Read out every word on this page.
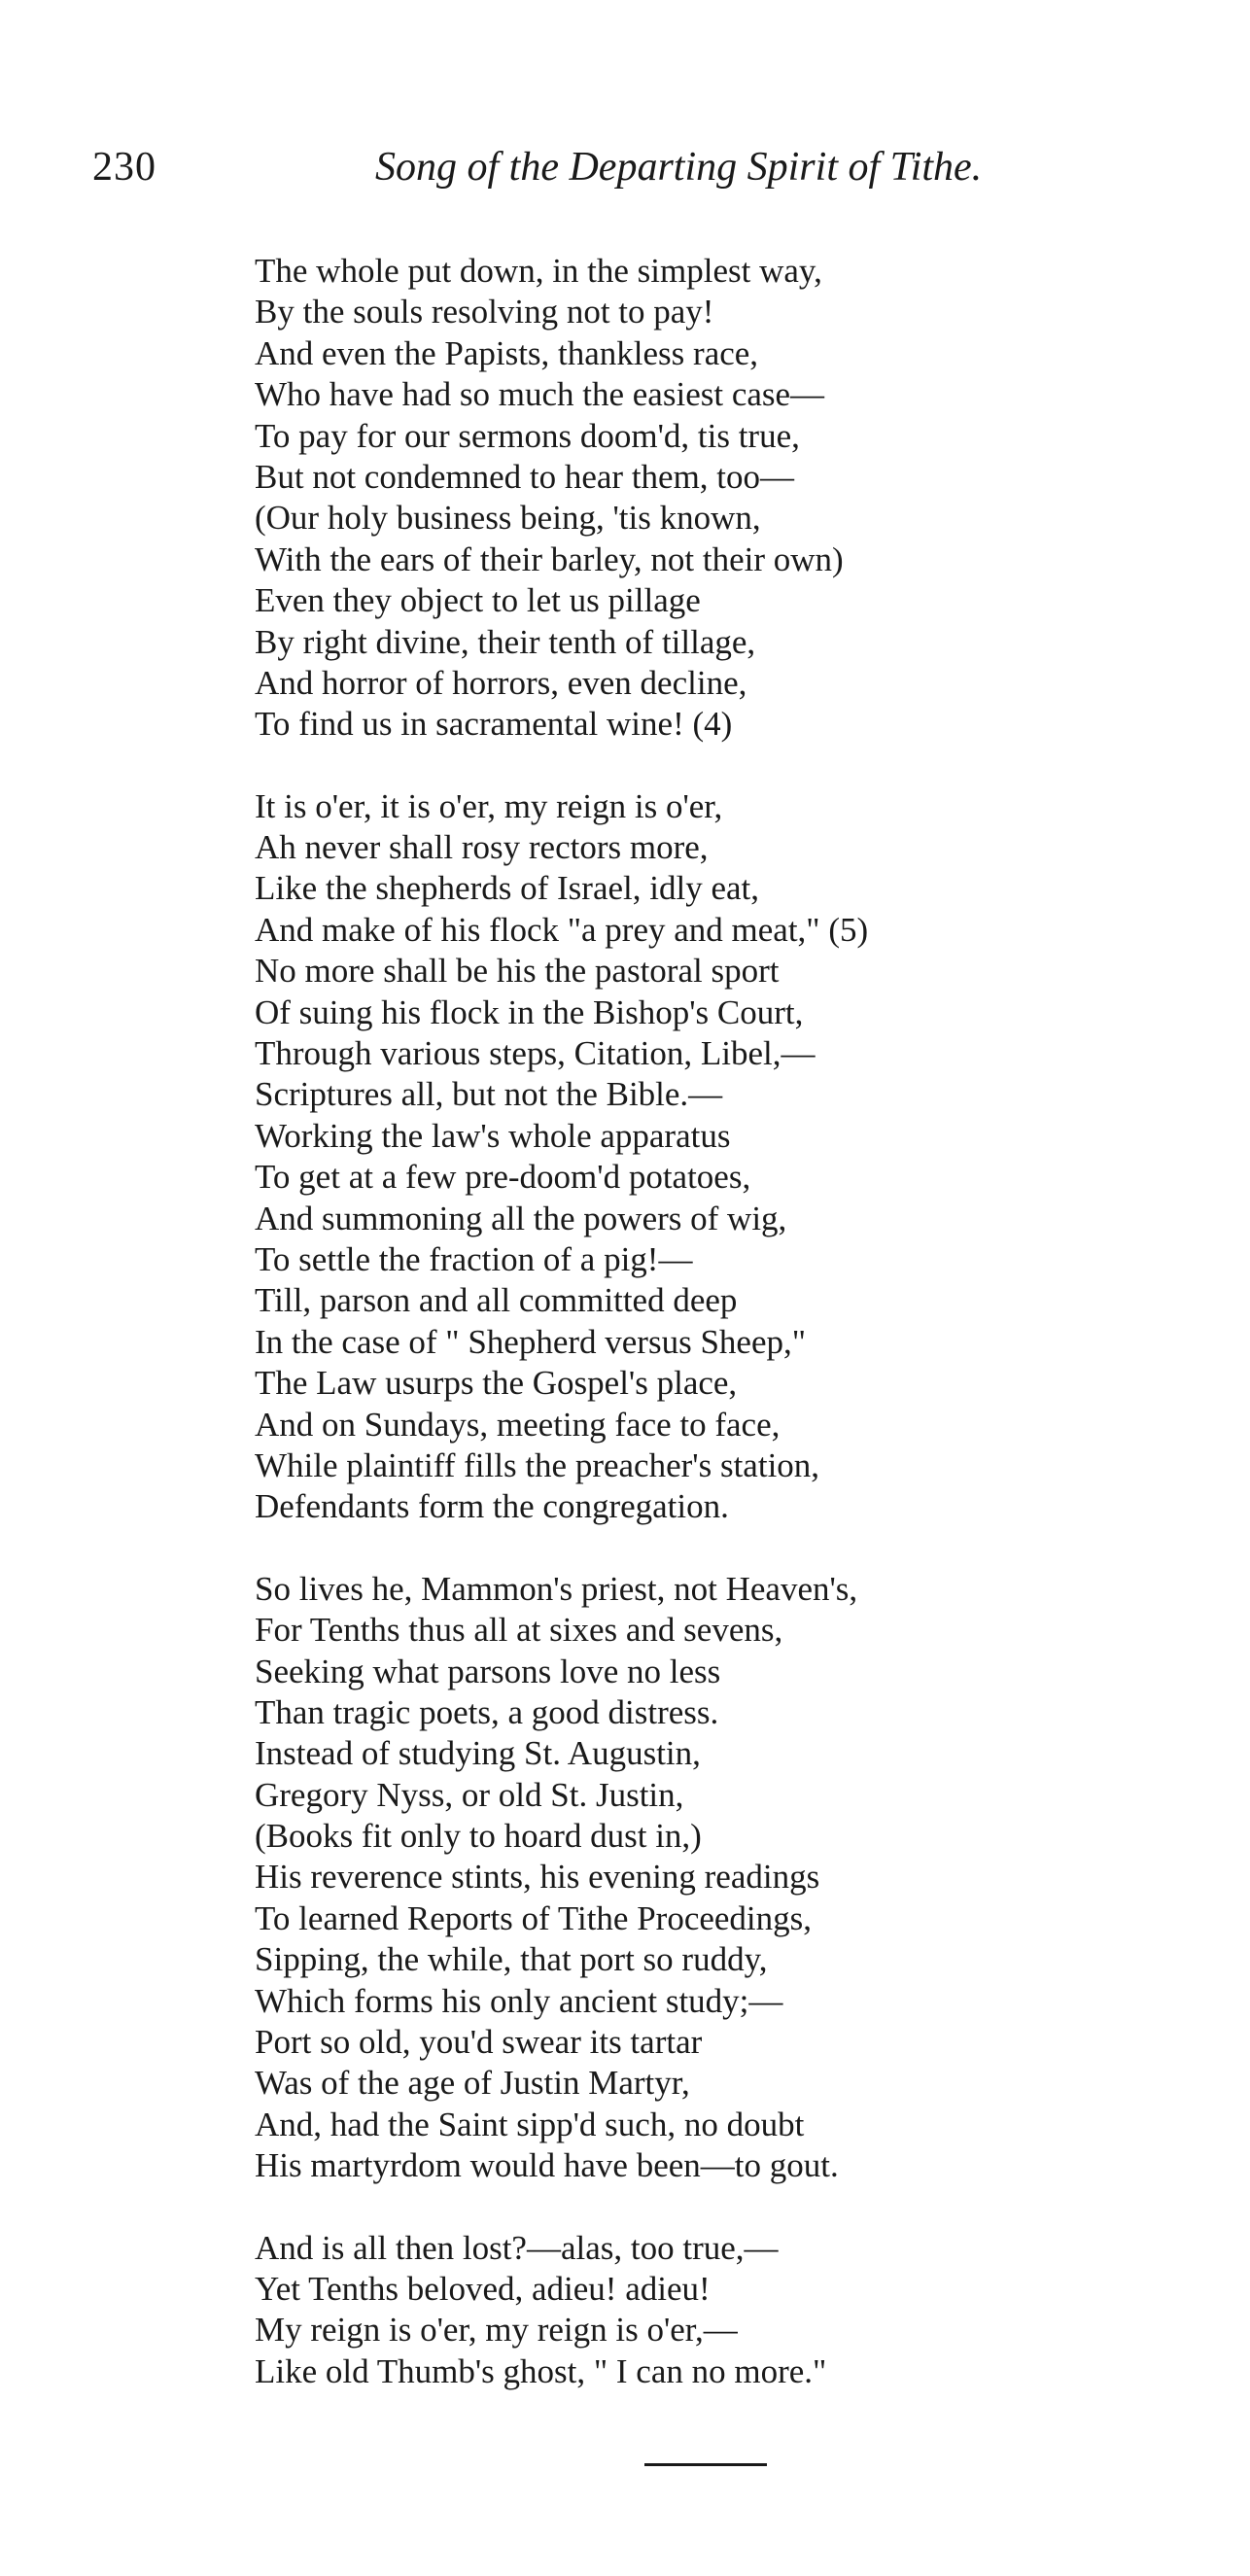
230	Song of the Departing Spirit of Tithe.
The whole put down, in the simplest way,
By the souls resolving not to pay!
And even the Papists, thankless race,
Who have had so much the easiest case—
To pay for our sermons doom'd, tis true,
But not condemned to hear them, too—
(Our holy business being, 'tis known,
With the ears of their barley, not their own)
Even they object to let us pillage
By right divine, their tenth of tillage,
And horror of horrors, even decline,
To find us in sacramental wine! (4)
It is o'er, it is o'er, my reign is o'er,
Ah never shall rosy rectors more,
Like the shepherds of Israel, idly eat,
And make of his flock "a prey and meat," (5)
No more shall be his the pastoral sport
Of suing his flock in the Bishop's Court,
Through various steps, Citation, Libel,—
Scriptures all, but not the Bible.—
Working the law's whole apparatus
To get at a few pre-doom'd potatoes,
And summoning all the powers of wig,
To settle the fraction of a pig!—
Till, parson and all committed deep
In the case of " Shepherd versus Sheep,"
The Law usurps the Gospel's place,
And on Sundays, meeting face to face,
While plaintiff fills the preacher's station,
Defendants form the congregation.
So lives he, Mammon's priest, not Heaven's,
For Tenths thus all at sixes and sevens,
Seeking what parsons love no less
Than tragic poets, a good distress.
Instead of studying St. Augustin,
Gregory Nyss, or old St. Justin,
(Books fit only to hoard dust in,)
His reverence stints, his evening readings
To learned Reports of Tithe Proceedings,
Sipping, the while, that port so ruddy,
Which forms his only ancient study;—
Port so old, you'd swear its tartar
Was of the age of Justin Martyr,
And, had the Saint sipp'd such, no doubt
His martyrdom would have been—to gout.
And is all then lost?—alas, too true,—
Yet Tenths beloved, adieu! adieu!
My reign is o'er, my reign is o'er,—
Like old Thumb's ghost, " I can no more."
